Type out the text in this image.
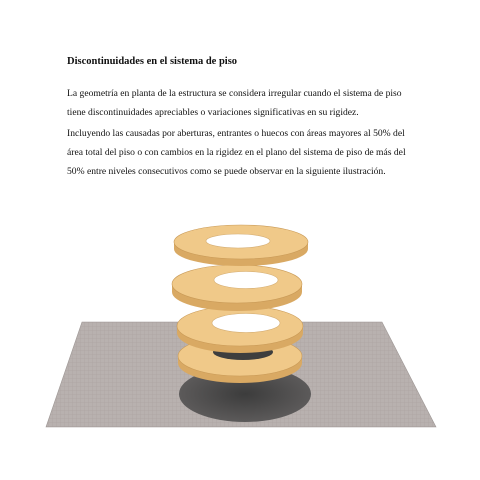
Discontinuidades en el sistema de piso

La geometría en planta de la estructura se considera irregular cuando el sistema de piso
tiene discontinuidades apreciables o variaciones significativas en su rigidez.

Incluyendo las causadas por aberturas, entrantes o huecos con áreas mayores al 50% del
área total del piso o con cambios en la rigidez en el plano del sistema de piso de más del
50% entre niveles consecutivos como se puede observar en la siguiente ilustración.
